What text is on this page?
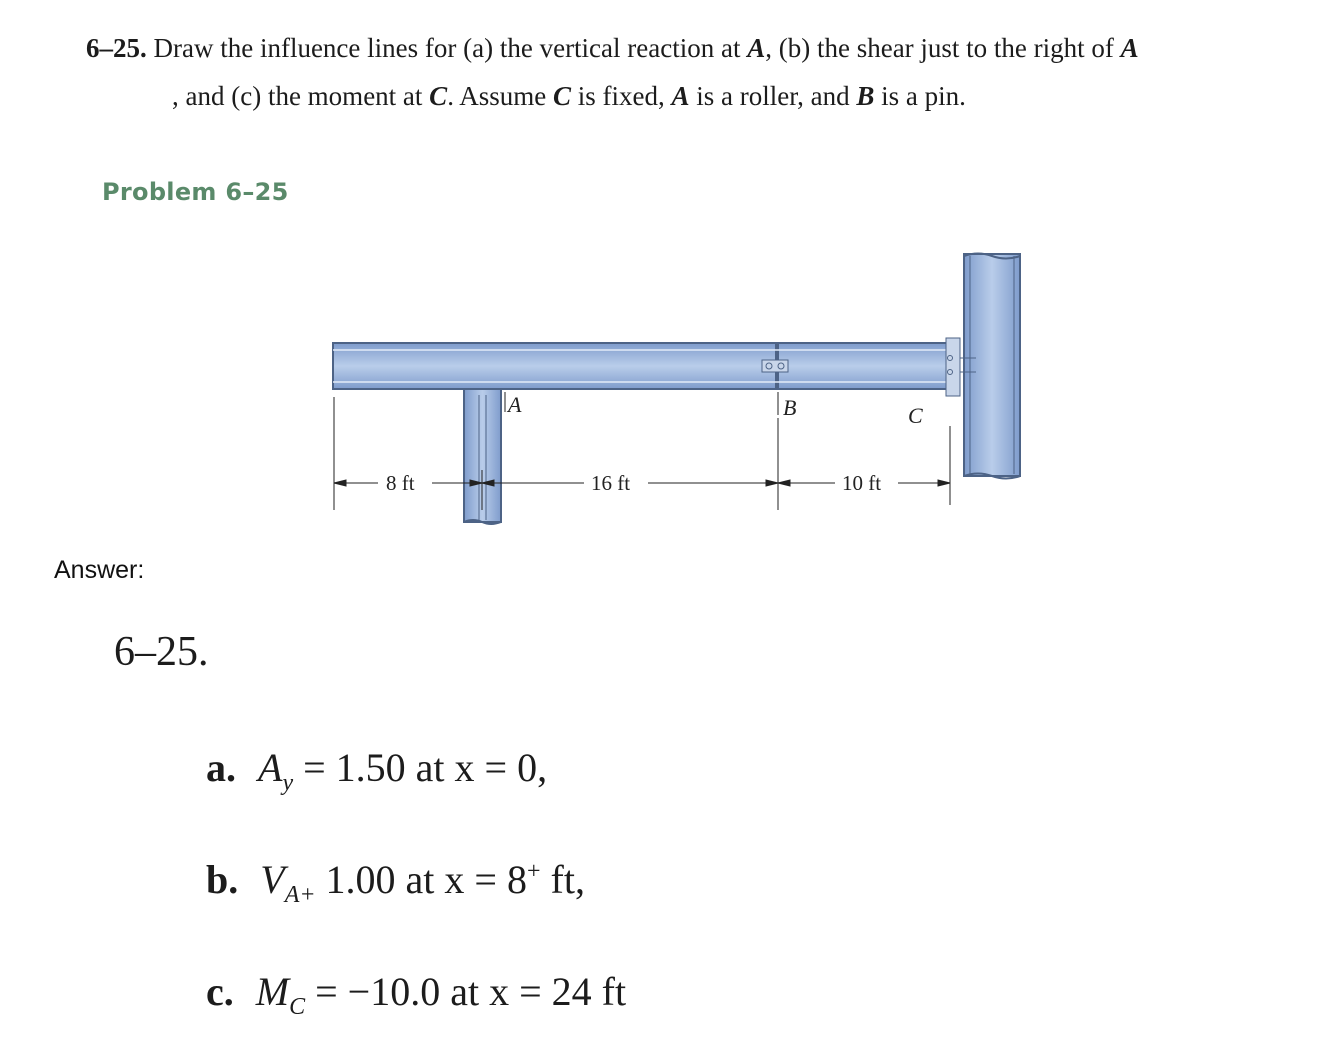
6–25. Draw the influence lines for (a) the vertical reaction at A, (b) the shear just to the right of A
, and (c) the moment at C. Assume C is fixed, A is a roller, and B is a pin.
Problem 6–25
A	B	C
8 ft	16 ft	10 ft
Answer:
6–25.
a. $A_y = 1.50$ at x = 0,
b. $V_{A+}$ 1.00 at x = 8+ ft,
c. $M_C = -10.0$ at x = 24 ft
